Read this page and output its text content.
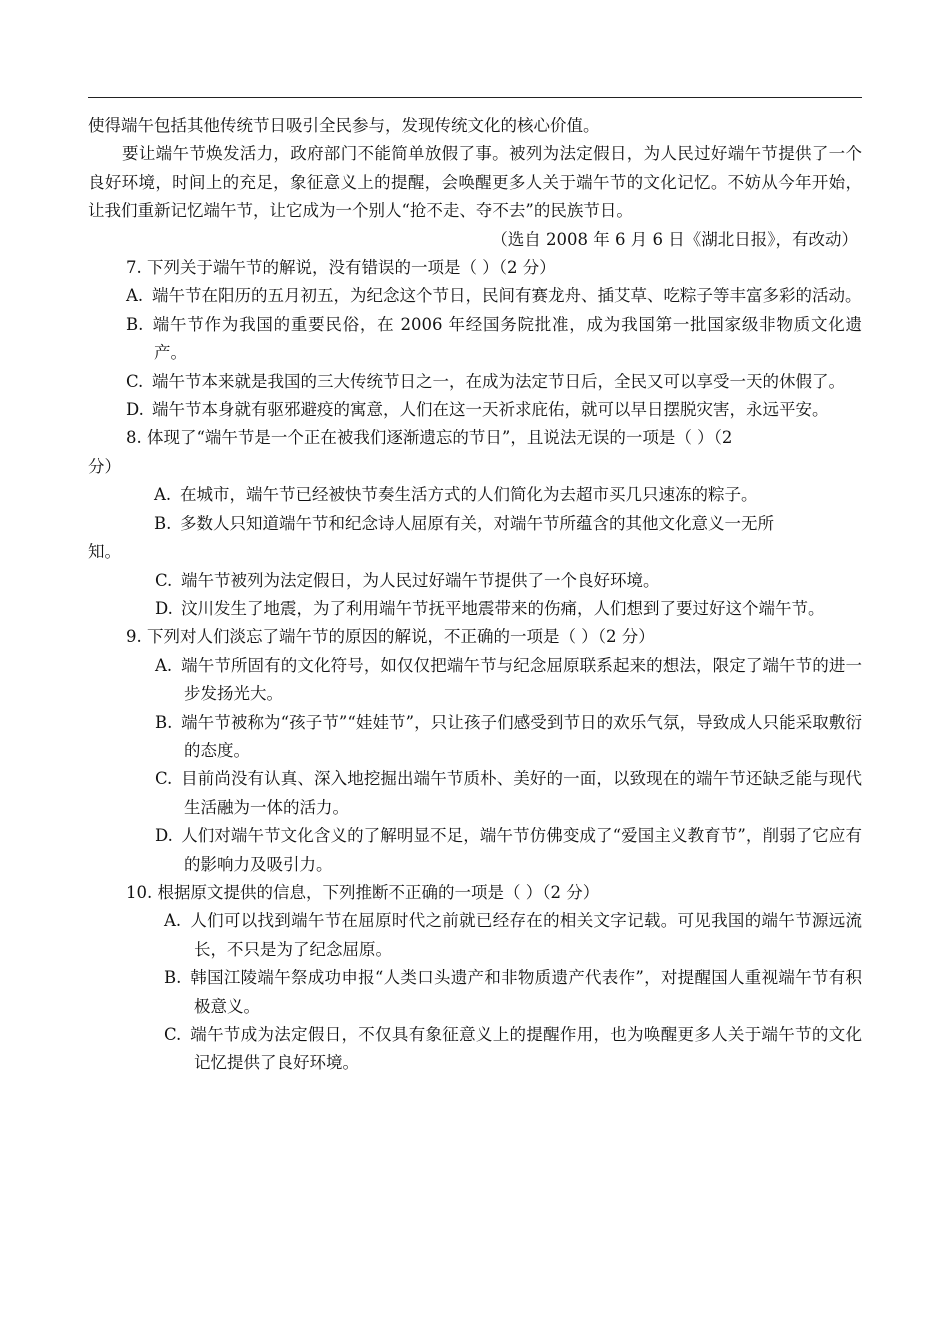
使得端午包括其他传统节日吸引全民参与，发现传统文化的核心价值。

要让端午节焕发活力，政府部门不能简单放假了事。被列为法定假日，为人民过好端午节提供了一个良好环境，时间上的充足，象征意义上的提醒，会唤醒更多人关于端午节的文化记忆。不妨从今年开始，让我们重新记忆端午节，让它成为一个别人“抢不走、夺不去”的民族节日。

（选自 2008 年 6 月 6 日《湖北日报》，有改动）

7. 下列关于端午节的解说，没有错误的一项是（ ）（2 分）

A. 端午节在阳历的五月初五，为纪念这个节日，民间有赛龙舟、插艾草、吃粽子等丰富多彩的活动。

B. 端午节作为我国的重要民俗，在 2006 年经国务院批准，成为我国第一批国家级非物质文化遗产。

C. 端午节本来就是我国的三大传统节日之一，在成为法定节日后，全民又可以享受一天的休假了。

D. 端午节本身就有驱邪避疫的寓意，人们在这一天祈求庇佑，就可以早日摆脱灾害，永远平安。

8. 体现了“端午节是一个正在被我们逐渐遗忘的节日”，且说法无误的一项是（ ）（2

分）

A. 在城市，端午节已经被快节奏生活方式的人们简化为去超市买几只速冻的粽子。

B. 多数人只知道端午节和纪念诗人屈原有关，对端午节所蕴含的其他文化意义一无所

知。

C. 端午节被列为法定假日，为人民过好端午节提供了一个良好环境。

D. 汶川发生了地震，为了利用端午节抚平地震带来的伤痛，人们想到了要过好这个端午节。

9. 下列对人们淡忘了端午节的原因的解说，不正确的一项是（ ）（2 分）

A. 端午节所固有的文化符号，如仅仅把端午节与纪念屈原联系起来的想法，限定了端午节的进一步发扬光大。

B. 端午节被称为“孩子节”“娃娃节”，只让孩子们感受到节日的欢乐气氛，导致成人只能采取敷衍的态度。

C. 目前尚没有认真、深入地挖掘出端午节质朴、美好的一面，以致现在的端午节还缺乏能与现代生活融为一体的活力。

D. 人们对端午节文化含义的了解明显不足，端午节仿佛变成了“爱国主义教育节”，削弱了它应有的影响力及吸引力。

10. 根据原文提供的信息，下列推断不正确的一项是（ ）（2 分）

A. 人们可以找到端午节在屈原时代之前就已经存在的相关文字记载。可见我国的端午节源远流长，不只是为了纪念屈原。

B. 韩国江陵端午祭成功申报“人类口头遗产和非物质遗产代表作”，对提醒国人重视端午节有积极意义。

C. 端午节成为法定假日，不仅具有象征意义上的提醒作用，也为唤醒更多人关于端午节的文化记忆提供了良好环境。
